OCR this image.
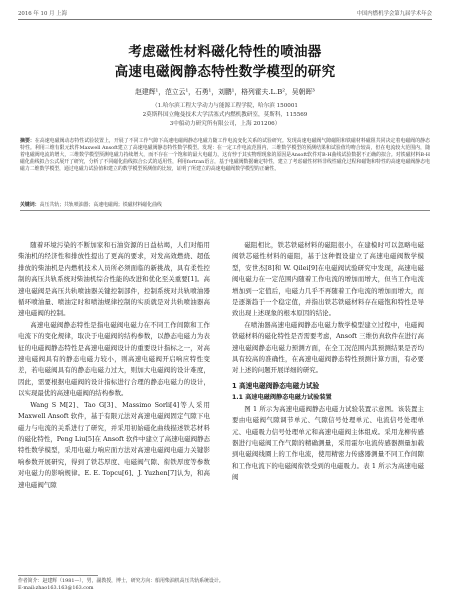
2016 年 10 月 上海	中国内燃机学会第九届学术年会
考虑磁性材料磁化特性的喷油器
高速电磁阀静态特性数学模型的研究
赵建辉¹，范立云¹，石勇¹，刘鹏¹，格列霍夫.L.B²，吴朝晖³
（1.哈尔滨工程大学动力与能源工程学院，哈尔滨 150001
2莫斯科国立鲍曼技术大学活塞式内燃机教研室，莫斯科，115569
3中船动力研究所有限公司，上海 201206）
摘要：在高速电磁阀动态特性试验装置上，开展了不同工作气隙下高速电磁阀静态电磁力随工作电流变化关系的试验研究。发现高速电磁阀气隙磁阻和铁磁材料磁阻共同决定着电磁阀的静态特性。利用三维有限元软件Maxwell Ansoft建立了高速电磁阀静态特性数学模型。发现：在一定工作电流范围内，三维数学模型的预测结果和试验值均吻合较高，但在电流较大范围内，随着电磁阀电流的增大，三维数学模型预测电磁力持续增大，而不存在一个饱和的最大电磁力，这有悖于其实物理现象的原因是Ansoft软件对B-H曲线试验数据不正确的拟合。对铁磁材料B-H磁化曲线拟合公式展开了研究，分析了不同磁化曲线拟合公式的适用性，利用fortran语言，基于电磁阀数据确定特性，建立了考虑磁性材料非线性磁化过程和磁饱和特性的高速电磁阀静态电磁力二维数学模型，通过电磁力试验值和建立的数学模型预测值的比较，证明了所建立的高速电磁阀数学模型的正确性。
关键词：高压共轨；共轨喷油器；高速电磁阀；铁磁材料磁化曲线

随着环境污染的不断加家和石油资源的日益枯竭，人们对船用柴油机的经济性和排放性提出了更高的要求，对发高效燃烧、超低排放的柴油机是内燃机技术人员所必须面临的新挑战，具有柔性控制的高压共轨系统对柴油机综合性能的改进和优化至关重要[1]。高速电磁阀是高压共轨喷油器关键控制部件，控制系统对共轨喷油器循环喷油量、喷油定时和喷油规律控制的实质就是对共轨喷油器高速电磁阀的控制。

高速电磁阀静态特性是指电磁阀电磁力在不同工作间隙和工作电流下的变化规律，取决于电磁阀的结构参数，以静态电磁力为表征的电磁阀静态特性是高速电磁阀设计的重要设计指标之一，对高速电磁阀具有的静态电磁力较小，则高速电磁阀开启响应特性变差，若电磁阀具有的静态电磁力过大，则加大电磁阀的设计难度，因此，需要根据电磁阀的设计指标进行合理的静态电磁力的设计，以实现最优的高速电磁阀的结构参数。

Wang S M[2]、Tao G[3]、Massimo Sorli[4]等人采用 Maxwell Ansoft 软件，基于有限元法对高速电磁阀固定气隙下电磁力与电流的关系进行了研究，并采用初始磁化曲线描述铁芯材料的磁化特性，Peng Liu[5]在 Ansoft 软件中建立了高速电磁阀静态特性数学模型，采用电磁力响应面方法对高速电磁阀电磁力关键影响参数开展研究，得到了铁芯厚度、电磁阀气隙、衔铁厚度等参数对电磁力的影响规律。E. E. Topcu[6]、J. Yuzhen[7]认为，和高速电磁阀气隙

磁阻相比，铁芯铁磁材料的磁阻很小，在建模时可以忽略电磁阀铁芯磁性材料的磁阻，基于这种假设建立了高速电磁阀数学模型，安世杰[8]和 W. Qilei[9]在电磁阀试验研究中发现，高速电磁阀电磁力在一定范围内随着工作电流的增加而增大，但当工作电流增加到一定值后，电磁力几乎不再随着工作电流的增加而增大，而是逐渐趋于一个稳定值，并指出铁芯铁磁材料存在磁饱和特性是导致出现上述现象的根本原因的结论。

在喷油器高速电磁阀静态电磁力数学模型建立过程中，电磁阀铁磁材料的磁化特性是否需要考虑，Ansoft 三维仿真软件在进行高速电磁阀静态电磁力预测方面，在全工况范围内其预测结果是否均具有较高的准确性，在高速电磁阀静态特性预测计算方面，有必要对上述的问题开展详细的研究。

1 高速电磁阀静态电磁力试验
1.1 高速电磁阀静态电磁力试验装置

图 1 所示为高速电磁阀静态电磁力试验装置示意图。该装置主要由电磁阀气隙调节单元、气隙信号处理单元、电流信号处理单元、电磁吸力信号处理单元和高速电磁阀主体组成。采用龙柳传感器进行电磁阀工作气隙的精确测量，采用霍尔电流传感器测量加载到电磁阀线圈上的工作电流，使用精密力传感器测量不同工作间隙和工作电流下的电磁阀衔铁受到的电磁吸力。表 1 所示为高速电磁阀

作者简介：赵建辉（1981—），男，副教授，博士，研究方向：船用柴油机高压共轨系统设计。
E-mail:zhao163.163@163.com
